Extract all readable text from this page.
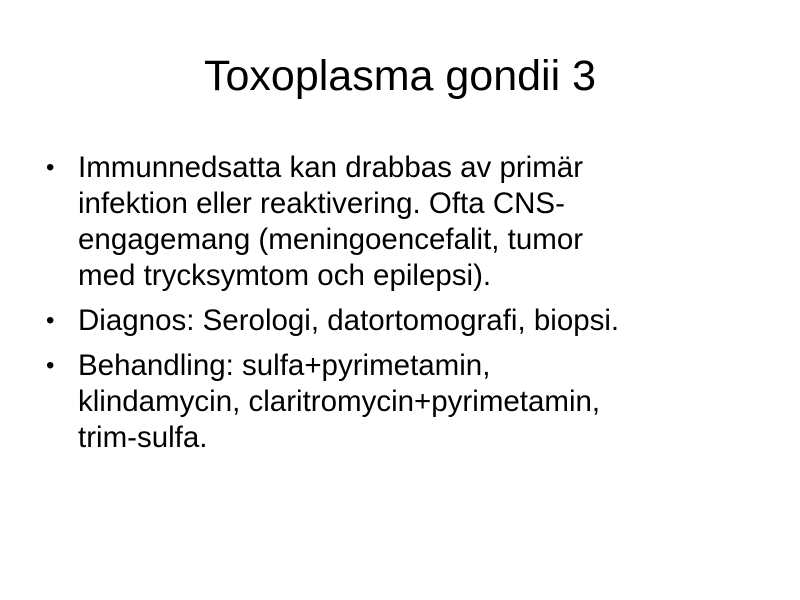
Toxoplasma gondii 3
• Immunnedsatta kan drabbas av primär
infektion eller reaktivering. Ofta CNS-
engagemang (meningoencefalit, tumor
med trycksymtom och epilepsi).
• Diagnos: Serologi, datortomografi, biopsi.
• Behandling: sulfa+pyrimetamin,
klindamycin, claritromycin+pyrimetamin,
trim-sulfa.
